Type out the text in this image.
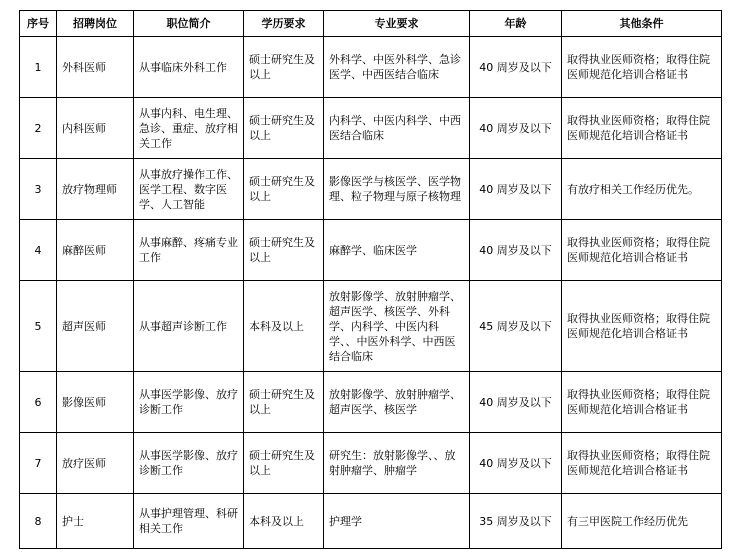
序号	招聘岗位	职位简介	学历要求	专业要求	年龄	其他条件
1	外科医师	从事临床外科工作	硕士研究生及以上	外科学、中医外科学、急诊医学、中西医结合临床	40 周岁及以下	取得执业医师资格；取得住院医师规范化培训合格证书
2	内科医师	从事内科、电生理、急诊、重症、放疗相关工作	硕士研究生及以上	内科学、中医内科学、中西医结合临床	40 周岁及以下	取得执业医师资格；取得住院医师规范化培训合格证书
3	放疗物理师	从事放疗操作工作、医学工程、数字医学、人工智能	硕士研究生及以上	影像医学与核医学、医学物理、粒子物理与原子核物理	40 周岁及以下	有放疗相关工作经历优先。
4	麻醉医师	从事麻醉、疼痛专业工作	硕士研究生及以上	麻醉学、临床医学	40 周岁及以下	取得执业医师资格；取得住院医师规范化培训合格证书
5	超声医师	从事超声诊断工作	本科及以上	放射影像学、放射肿瘤学、超声医学、核医学、外科学、内科学、中医内科学、、中医外科学、中西医结合临床	45 周岁及以下	取得执业医师资格；取得住院医师规范化培训合格证书
6	影像医师	从事医学影像、放疗诊断工作	硕士研究生及以上	放射影像学、放射肿瘤学、超声医学、核医学	40 周岁及以下	取得执业医师资格；取得住院医师规范化培训合格证书
7	放疗医师	从事医学影像、放疗诊断工作	硕士研究生及以上	研究生：放射影像学、、放射肿瘤学、肿瘤学	40 周岁及以下	取得执业医师资格；取得住院医师规范化培训合格证书
8	护士	从事护理管理、科研相关工作	本科及以上	护理学	35 周岁及以下	有三甲医院工作经历优先
